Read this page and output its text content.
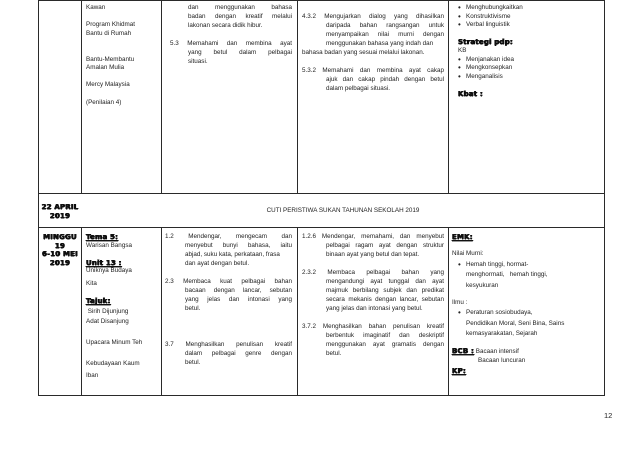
Kawan

Program Khidmat
Bantu di Rumah

Bantu-Membantu
Amalan Mulia

Mercy Malaysia

(Penilaian 4)
dan menggunakan bahasa
badan dengan kreatif melalui
lakonan secara didik hibur.

5.3 Memahami dan membina ayat
yang betul dalam pelbagai
situasi.

4.3.2 Mengujarkan dialog yang dihasilkan
daripada bahan rangsangan untuk
menyampaikan nilai murni dengan
menggunakan bahasa yang indah dan
bahasa badan yang sesuai melalui lakonan.

5.3.2 Memahami dan membina ayat cakap
ajuk dan cakap pindah dengan betul
dalam pelbagai situasi.
• Menghubungkaitkan
• Konstruktivisme
• Verbal linguistik
Strategi pdp:
KB
• Menjanakan idea
• Mengkonsepkan
• Menganalisis
Kbat :
22 APRIL
2019
CUTI PERISTIWA SUKAN TAHUNAN SEKOLAH 2019
MINGGU 19
6-10 MEI
2019
Tema 5:
Warisan Bangsa
Unit 13 :
Uniknya Budaya
Kita
Tajuk:
Sirih Dijunjung
Adat Disanjung
Upacara Minum Teh
Kebudayaan Kaum
Iban
1.2 Mendengar, mengecam dan
menyebut bunyi bahasa, iaitu
abjad, suku kata, perkataan, frasa
dan ayat dengan betul.

2.3 Membaca kuat pelbagai bahan
bacaan dengan lancar, sebutan
yang jelas dan intonasi yang
betul.

3.7 Menghasilkan penulisan kreatif
dalam pelbagai genre dengan
betul.
1.2.6 Mendengar, memahami, dan menyebut
pelbagai ragam ayat dengan struktur
binaan ayat yang betul dan tepat.

2.3.2 Membaca pelbagai bahan yang
mengandungi ayat tunggal dan ayat
majmuk berbilang subjek dan predikat
secara mekanis dengan lancar, sebutan
yang jelas dan intonasi yang betul.

3.7.2 Menghasilkan bahan penulisan kreatif
berbentuk imaginatif dan deskriptif
menggunakan ayat gramatis dengan
betul.
EMK:
Nilai Murni:
• Hemah tinggi, hormat-
menghormati,   hemah tinggi,
kesyukuran
Ilmu :
• Peraturan sosiobudaya,
Pendidikan Moral, Seni Bina, Sains
kemasyarakatan, Sejarah
BCB : Bacaan intensif
Bacaan luncuran
KP:
12
